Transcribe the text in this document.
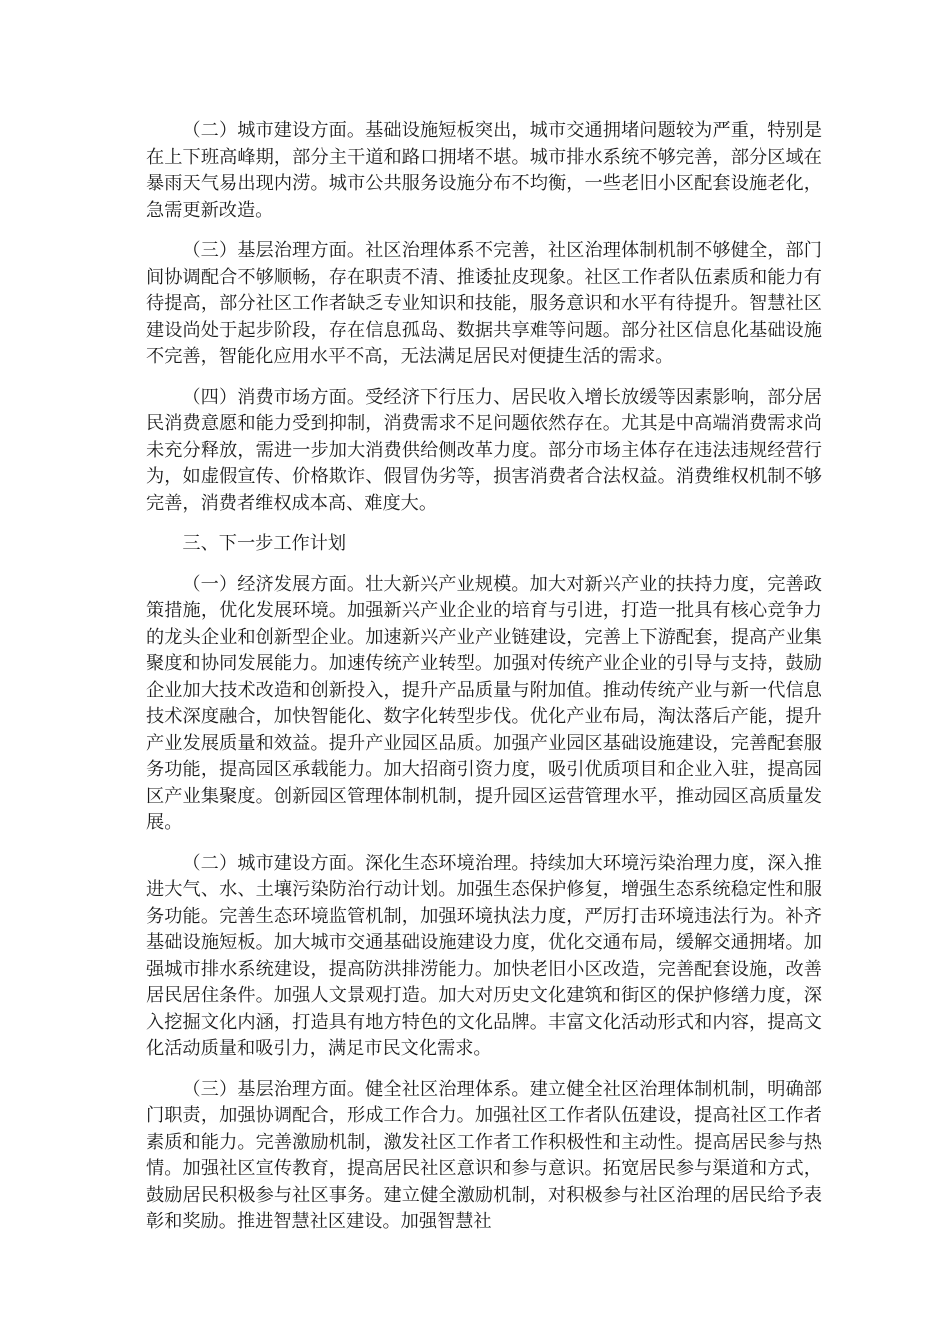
（二）城市建设方面。基础设施短板突出，城市交通拥堵问题较为严重，特别是在上下班高峰期，部分主干道和路口拥堵不堪。城市排水系统不够完善，部分区域在暴雨天气易出现内涝。城市公共服务设施分布不均衡，一些老旧小区配套设施老化，急需更新改造。

（三）基层治理方面。社区治理体系不完善，社区治理体制机制不够健全，部门间协调配合不够顺畅，存在职责不清、推诿扯皮现象。社区工作者队伍素质和能力有待提高，部分社区工作者缺乏专业知识和技能，服务意识和水平有待提升。智慧社区建设尚处于起步阶段，存在信息孤岛、数据共享难等问题。部分社区信息化基础设施不完善，智能化应用水平不高，无法满足居民对便捷生活的需求。

（四）消费市场方面。受经济下行压力、居民收入增长放缓等因素影响，部分居民消费意愿和能力受到抑制，消费需求不足问题依然存在。尤其是中高端消费需求尚未充分释放，需进一步加大消费供给侧改革力度。部分市场主体存在违法违规经营行为，如虚假宣传、价格欺诈、假冒伪劣等，损害消费者合法权益。消费维权机制不够完善，消费者维权成本高、难度大。

三、下一步工作计划

（一）经济发展方面。壮大新兴产业规模。加大对新兴产业的扶持力度，完善政策措施，优化发展环境。加强新兴产业企业的培育与引进，打造一批具有核心竞争力的龙头企业和创新型企业。加速新兴产业产业链建设，完善上下游配套，提高产业集聚度和协同发展能力。加速传统产业转型。加强对传统产业企业的引导与支持，鼓励企业加大技术改造和创新投入，提升产品质量与附加值。推动传统产业与新一代信息技术深度融合，加快智能化、数字化转型步伐。优化产业布局，淘汰落后产能，提升产业发展质量和效益。提升产业园区品质。加强产业园区基础设施建设，完善配套服务功能，提高园区承载能力。加大招商引资力度，吸引优质项目和企业入驻，提高园区产业集聚度。创新园区管理体制机制，提升园区运营管理水平，推动园区高质量发展。

（二）城市建设方面。深化生态环境治理。持续加大环境污染治理力度，深入推进大气、水、土壤污染防治行动计划。加强生态保护修复，增强生态系统稳定性和服务功能。完善生态环境监管机制，加强环境执法力度，严厉打击环境违法行为。补齐基础设施短板。加大城市交通基础设施建设力度，优化交通布局，缓解交通拥堵。加强城市排水系统建设，提高防洪排涝能力。加快老旧小区改造，完善配套设施，改善居民居住条件。加强人文景观打造。加大对历史文化建筑和街区的保护修缮力度，深入挖掘文化内涵，打造具有地方特色的文化品牌。丰富文化活动形式和内容，提高文化活动质量和吸引力，满足市民文化需求。

（三）基层治理方面。健全社区治理体系。建立健全社区治理体制机制，明确部门职责，加强协调配合，形成工作合力。加强社区工作者队伍建设，提高社区工作者素质和能力。完善激励机制，激发社区工作者工作积极性和主动性。提高居民参与热情。加强社区宣传教育，提高居民社区意识和参与意识。拓宽居民参与渠道和方式，鼓励居民积极参与社区事务。建立健全激励机制，对积极参与社区治理的居民给予表彰和奖励。推进智慧社区建设。加强智慧社
